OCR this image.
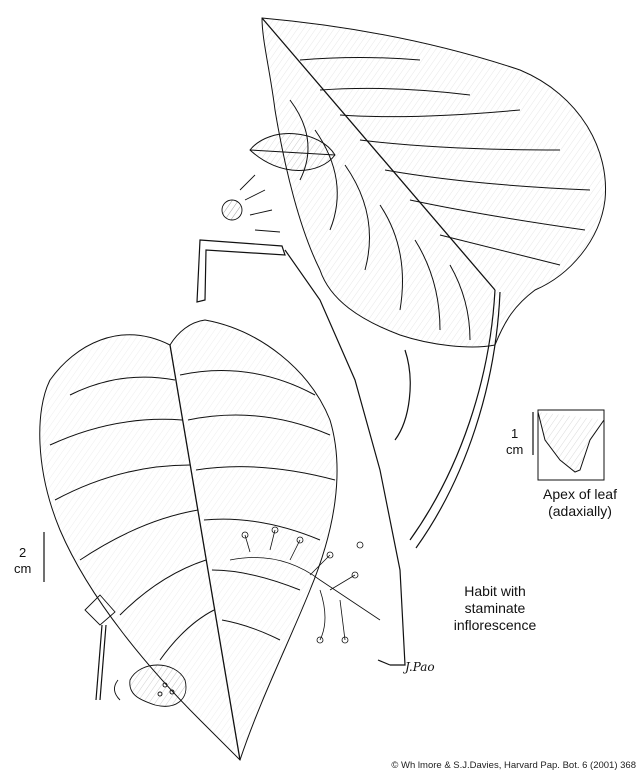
1
cm
Apex of leaf
(adaxially)
2
cm
Habit with
staminate
inflorescence
J.Pao
© Wh lmore & S.J.Davies, Harvard Pap. Bot. 6 (2001) 368
